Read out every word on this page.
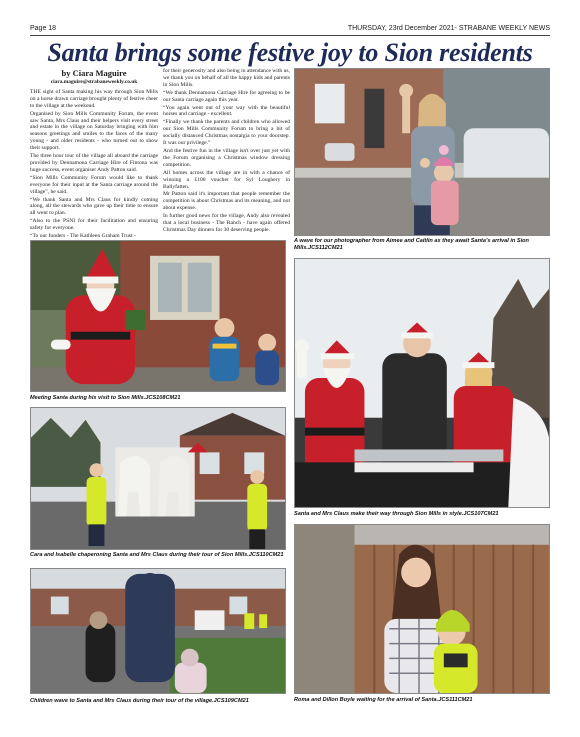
Page 18	THURSDAY, 23rd December 2021- STRABANE WEEKLY NEWS
Santa brings some festive joy to Sion residents
by Ciara Maguire
ciara.maguire@strabaneweekly.co.uk

THE sight of Santa making his way through Sion Mills on a horse drawn carriage brought plenty of festive cheer to the village at the weekend.

Organised by Sion Mills Community Forum, the event saw Santa, Mrs Claus and their helpers visit every street and estate in the village on Saturday bringing with him seasons greetings and smiles to the faces of the many young - and older residents - who turned out to show their support.

The three hour tour of the village all aboard the carriage provided by Dennamona Carriage Hire of Fintona was huge success, event organiser Andy Patton said.

“Sion Mills Community Forum would like to thank everyone for their input at the Santa carriage around the village”, he said.

“We thank Santa and Mrs Claus for kindly coming along, all the stewards who gave up their time to ensure all went to plan.

“Also to the PSNI for their facilitation and ensuring safety for everyone.

“To our funders - The Kathleen Graham Trust -

for their generosity and also being in attendance with us, we thank you on behalf of all the happy kids and parents in Sion Mills.

“We thank Dennamona Carriage Hire for agreeing to be our Santa carriage again this year.

“You again went out of your way with the beautiful horses and carriage - excellent.

“Finally we thank the parents and children who allowed our Sion Mills Community Forum to bring a bit of socially distanced Christmas nostalgia to your doorstep. It was our privilege.”

And the festive fun in the village isn't over just yet with the Forum organising a Christmas window dressing competition.

All homes across the village are in with a chance of winning a £100 voucher for Syl Loughery in Ballyfatten.

Mr Patton said it's important that people remember the competition is about Christmas and its meaning, and not about expense.

In further good news for the village, Andy also revealed that a local business - The Ranch - have again offered Christmas Day dinners for 30 deserving people.

A wave for our photographer from Aimee and Caitlin as they await Santa's arrival in Sion Mills.JCS112CM21
Meeting Santa during his visit to Sion Mills.JCS108CM21
Santa and Mrs Claus make their way through Sion Mills in style.JCS107CM21
Cara and Isabelle chaperoning Santa and Mrs Claus during their tour of Sion Mills.JCS110CM21
Children wave to Santa and Mrs Claus during their tour of the village.JCS109CM21	Roma and Dillon Boyle waiting for the arrival of Santa.JCS111CM21
